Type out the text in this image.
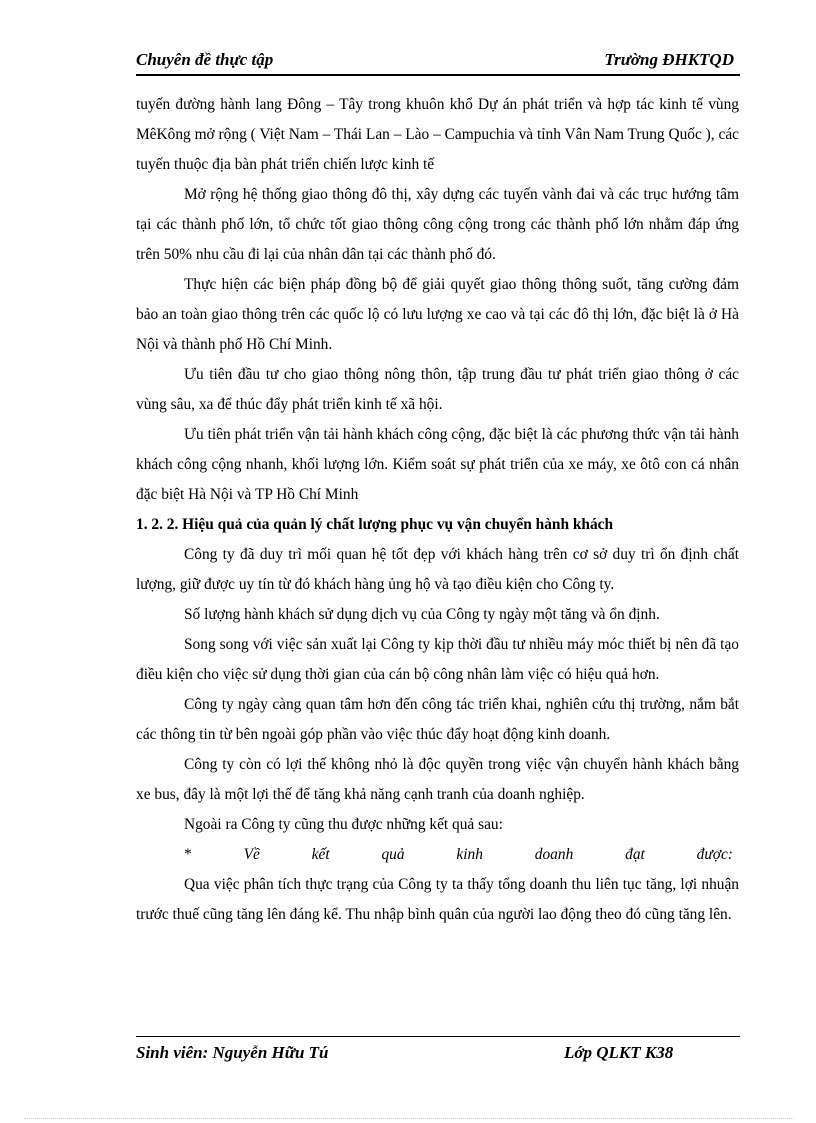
Chuyên đề thực tập	Trường ĐHKTQD

tuyến đường hành lang Đông – Tây trong khuôn khổ Dự án phát triển và hợp tác kinh tế vùng MêKông mở rộng ( Việt Nam – Thái Lan – Lào – Campuchia và tỉnh Vân Nam Trung Quốc ), các tuyến thuộc địa bàn phát triển chiến lược kinh tế

Mở rộng hệ thống giao thông đô thị, xây dựng các tuyến vành đai và các trục hướng tâm tại các thành phố lớn, tổ chức tốt giao thông công cộng trong các thành phố lớn nhằm đáp ứng trên 50% nhu cầu đi lại của nhân dân tại các thành phố đó.

Thực hiện các biện pháp đồng bộ để giải quyết giao thông thông suốt, tăng cường đảm bảo an toàn giao thông trên các quốc lộ có lưu lượng xe cao và tại các đô thị lớn, đặc biệt là ở Hà Nội và thành phố Hồ Chí Minh.

Ưu tiên đầu tư cho giao thông nông thôn, tập trung đầu tư phát triển giao thông ở các vùng sâu, xa để thúc đẩy phát triển kinh tế xã hội.

Ưu tiên phát triển vận tải hành khách công cộng, đặc biệt là các phương thức vận tải hành khách công cộng nhanh, khối lượng lớn. Kiểm soát sự phát triển của xe máy, xe ôtô con cá nhân đặc biệt Hà Nội và TP Hồ Chí Minh

1. 2. 2. Hiệu quả của quản lý chất lượng phục vụ vận chuyển hành khách

Công ty đã duy trì mối quan hệ tốt đẹp với khách hàng trên cơ sở duy trì ổn định chất lượng, giữ được uy tín từ đó khách hàng ủng hộ và tạo điều kiện cho Công ty.

Số lượng hành khách sử dụng dịch vụ của Công ty ngày một tăng và ổn định.

Song song với việc sản xuất lại Công ty kịp thời đầu tư nhiều máy móc thiết bị nên đã tạo điều kiện cho việc sử dụng thời gian của cán bộ công nhân làm việc có hiệu quả hơn.

Công ty ngày càng quan tâm hơn đến công tác triển khai, nghiên cứu thị trường, nắm bắt các thông tin từ bên ngoài góp phần vào việc thúc đẩy hoạt động kinh doanh.

Công ty còn có lợi thế không nhỏ là độc quyền trong việc vận chuyển hành khách bằng xe bus, đây là một lợi thế để tăng khả năng cạnh tranh của doanh nghiệp.

Ngoài ra Công ty cũng thu được những kết quả sau:

*	Về	kết	quả	kinh	doanh	đạt	được:

Qua việc phân tích thực trạng của Công ty ta thấy tổng doanh thu liên tục tăng, lợi nhuận trước thuế cũng tăng lên đáng kể. Thu nhập bình quân của người lao động theo đó cũng tăng lên.

Sinh viên: Nguyễn Hữu Tú	Lớp QLKT K38
